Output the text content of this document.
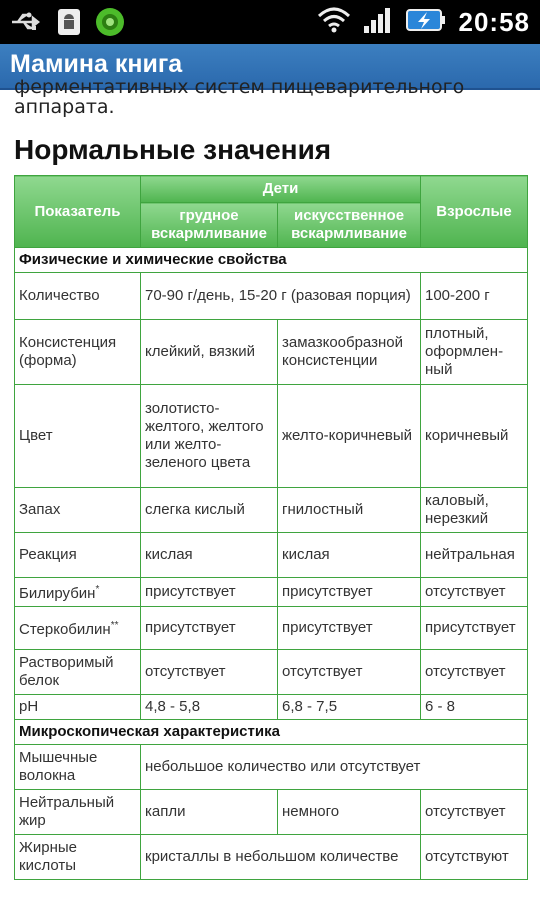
20:58
Мамина книга
ферментативных систем пищеварительного
аппарата.
Нормальные значения
Показатель	Дети		Взрослые
	грудное вскармливание	искусственное вскармливание	
Физические и химические свойства			
Количество	70-90 г/день, 15-20 г (разовая порция)		100-200 г
Консистенция (форма)	клейкий, вязкий	замазкообразной консистенции	плотный, оформленный
Цвет	золотисто-желтого, желтого или желто-зеленого цвета	желто-коричневый	коричневый
Запах	слегка кислый	гнилостный	каловый, нерезкий
Реакция	кислая	кислая	нейтральная
Билирубин*	присутствует	присутствует	отсутствует
Стеркобилин**	присутствует	присутствует	присутствует
Растворимый белок	отсутствует	отсутствует	отсутствует
pH	4,8 - 5,8	6,8 - 7,5	6 - 8
Микроскопическая характеристика			
Мышечные волокна	небольшое количество или отсутствует		
Нейтральный жир	капли	немного	отсутствует
Жирные кислоты	кристаллы в небольшом количестве		отсутствуют
